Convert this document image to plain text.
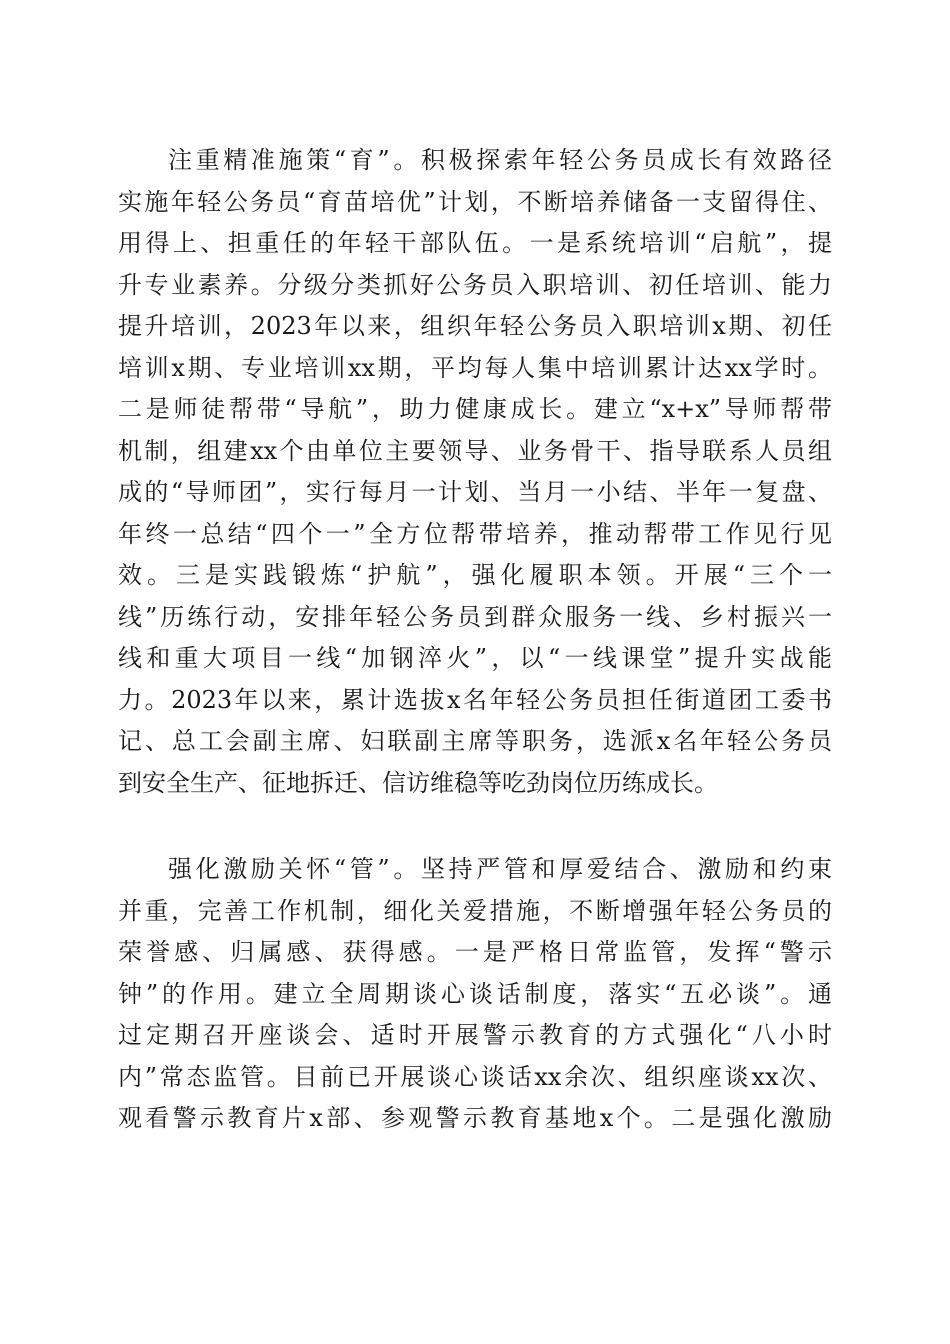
注重精准施策“育”。积极探索年轻公务员成长有效路径
实施年轻公务员“育苗培优”计划，不断培养储备一支留得住、
用得上、担重任的年轻干部队伍。一是系统培训“启航”，提
升专业素养。分级分类抓好公务员入职培训、初任培训、能力
提升培训，2023年以来，组织年轻公务员入职培训x期、初任
培训x期、专业培训xx期，平均每人集中培训累计达xx学时。
二是师徒帮带“导航”，助力健康成长。建立“x+x”导师帮带
机制，组建xx个由单位主要领导、业务骨干、指导联系人员组
成的“导师团”，实行每月一计划、当月一小结、半年一复盘、
年终一总结“四个一”全方位帮带培养，推动帮带工作见行见
效。三是实践锻炼“护航”，强化履职本领。开展“三个一
线”历练行动，安排年轻公务员到群众服务一线、乡村振兴一
线和重大项目一线“加钢淬火”，以“一线课堂”提升实战能
力。2023年以来，累计选拔x名年轻公务员担任街道团工委书
记、总工会副主席、妇联副主席等职务，选派x名年轻公务员
到安全生产、征地拆迁、信访维稳等吃劲岗位历练成长。
强化激励关怀“管”。坚持严管和厚爱结合、激励和约束
并重，完善工作机制，细化关爱措施，不断增强年轻公务员的
荣誉感、归属感、获得感。一是严格日常监管，发挥“警示
钟”的作用。建立全周期谈心谈话制度，落实“五必谈”。通
过定期召开座谈会、适时开展警示教育的方式强化“八小时
内”常态监管。目前已开展谈心谈话xx余次、组织座谈xx次、
观看警示教育片x部、参观警示教育基地x个。二是强化激励
